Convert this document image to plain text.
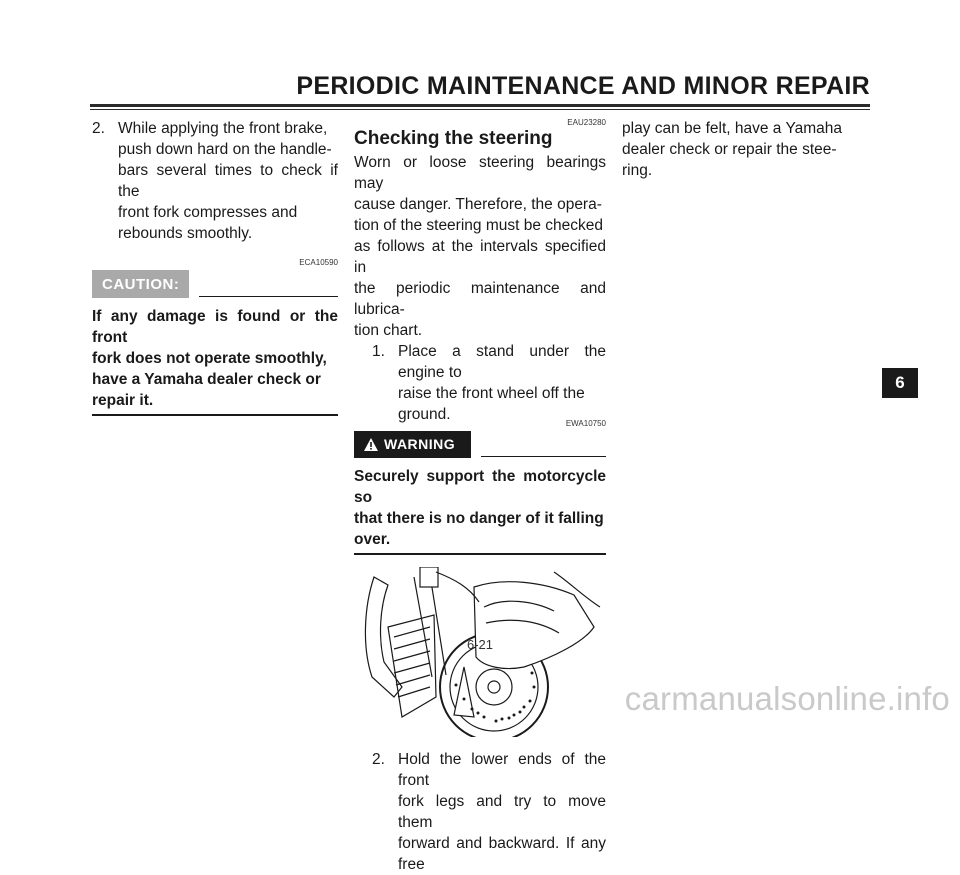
PERIODIC MAINTENANCE AND MINOR REPAIR
2. While applying the front brake,
push down hard on the handle-
bars several times to check if the
front fork compresses and
rebounds smoothly.
ECA10590
CAUTION:
If any damage is found or the front
fork does not operate smoothly,
have a Yamaha dealer check or
repair it.
EAU23280
Checking the steering
Worn or loose steering bearings may
cause danger. Therefore, the opera-
tion of the steering must be checked
as follows at the intervals specified in
the periodic maintenance and lubrica-
tion chart.
1. Place a stand under the engine to
raise the front wheel off the
ground.
EWA10750
WARNING
Securely support the motorcycle so
that there is no danger of it falling
over.
2. Hold the lower ends of the front
fork legs and try to move them
forward and backward. If any free
play can be felt, have a Yamaha
dealer check or repair the stee-
ring.
6
6-21
carmanualsonline.info
